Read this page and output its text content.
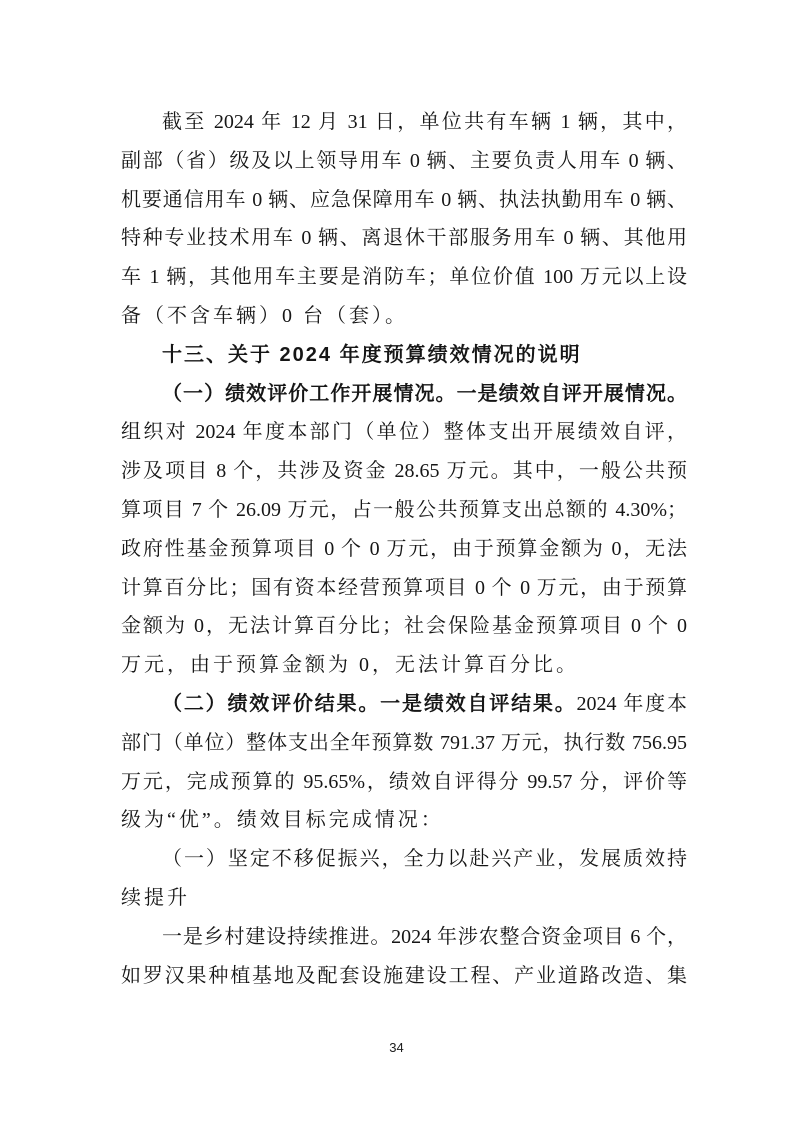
截至 2024 年 12 月 31 日，单位共有车辆 1 辆，其中，
副部（省）级及以上领导用车 0 辆、主要负责人用车 0 辆、
机要通信用车 0 辆、应急保障用车 0 辆、执法执勤用车 0 辆、
特种专业技术用车 0 辆、离退休干部服务用车 0 辆、其他用
车 1 辆，其他用车主要是消防车；单位价值 100 万元以上设
备（不含车辆）0 台（套）。
十三、关于 2024 年度预算绩效情况的说明
（一）绩效评价工作开展情况。一是绩效自评开展情况。
组织对 2024 年度本部门（单位）整体支出开展绩效自评，
涉及项目 8 个，共涉及资金 28.65 万元。其中，一般公共预
算项目 7 个 26.09 万元，占一般公共预算支出总额的 4.30%；
政府性基金预算项目 0 个 0 万元，由于预算金额为 0，无法
计算百分比；国有资本经营预算项目 0 个 0 万元，由于预算
金额为 0，无法计算百分比；社会保险基金预算项目 0 个 0
万元，由于预算金额为 0，无法计算百分比。
（二）绩效评价结果。一是绩效自评结果。2024 年度本
部门（单位）整体支出全年预算数 791.37 万元，执行数 756.95
万元，完成预算的 95.65%，绩效自评得分 99.57 分，评价等
级为“优”。绩效目标完成情况：
（一）坚定不移促振兴，全力以赴兴产业，发展质效持
续提升
一是乡村建设持续推进。2024 年涉农整合资金项目 6 个，
如罗汉果种植基地及配套设施建设工程、产业道路改造、集
34
